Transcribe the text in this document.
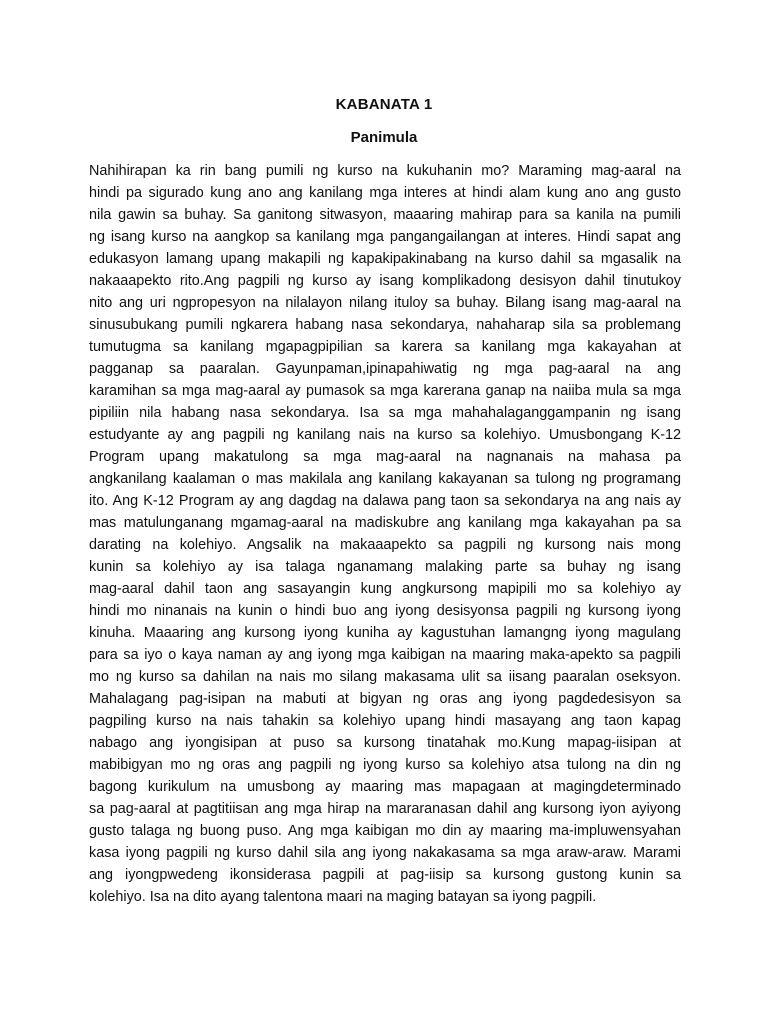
KABANATA 1
Panimula
Nahihirapan ka rin bang pumili ng kurso na kukuhanin mo? Maraming mag-aaral na
hindi pa sigurado kung ano ang kanilang mga interes at hindi alam kung ano ang gusto
nila gawin sa buhay. Sa ganitong sitwasyon, maaaring mahirap para sa kanila na pumili
ng isang kurso na aangkop sa kanilang mga pangangailangan at interes. Hindi sapat ang
edukasyon lamang upang makapili ng kapakipakinabang na kurso dahil sa mgasalik na
nakaaapekto rito.Ang pagpili ng kurso ay isang komplikadong desisyon dahil tinutukoy
nito ang uri ngpropesyon na nilalayon nilang ituloy sa buhay. Bilang isang mag-aaral na
sinusubukang pumili ngkarera habang nasa sekondarya, nahaharap sila sa problemang
tumutugma sa kanilang mgapagpipilian sa karera sa kanilang mga kakayahan at
pagganap sa paaralan. Gayunpaman,ipinapahiwatig ng mga pag-aaral na ang
karamihan sa mga mag-aaral ay pumasok sa mga karerana ganap na naiiba mula sa mga
pipiliin nila habang nasa sekondarya. Isa sa mga mahahalaganggampanin ng isang
estudyante ay ang pagpili ng kanilang nais na kurso sa kolehiyo. Umusbongang K-12
Program upang makatulong sa mga mag-aaral na nagnanais na mahasa pa
angkanilang kaalaman o mas makilala ang kanilang kakayanan sa tulong ng programang
ito. Ang K-12 Program ay ang dagdag na dalawa pang taon sa sekondarya na ang nais ay
mas matulunganang mgamag-aaral na madiskubre ang kanilang mga kakayahan pa sa
darating na kolehiyo. Angsalik na makaaapekto sa pagpili ng kursong nais mong
kunin sa kolehiyo ay isa talaga nganamang malaking parte sa buhay ng isang
mag-aaral dahil taon ang sasayangin kung angkursong mapipili mo sa kolehiyo ay
hindi mo ninanais na kunin o hindi buo ang iyong desisyonsa pagpili ng kursong iyong
kinuha. Maaaring ang kursong iyong kuniha ay kagustuhan lamangng iyong magulang
para sa iyo o kaya naman ay ang iyong mga kaibigan na maaring maka-apekto sa pagpili
mo ng kurso sa dahilan na nais mo silang makasama ulit sa iisang paaralan oseksyon.
Mahalagang pag-isipan na mabuti at bigyan ng oras ang iyong pagdedesisyon sa
pagpiling kurso na nais tahakin sa kolehiyo upang hindi masayang ang taon kapag
nabago ang iyongisipan at puso sa kursong tinatahak mo.Kung mapag-iisipan at
mabibigyan mo ng oras ang pagpili ng iyong kurso sa kolehiyo atsa tulong na din ng
bagong kurikulum na umusbong ay maaring mas mapagaan at magingdeterminado
sa pag-aaral at pagtitiisan ang mga hirap na mararanasan dahil ang kursong iyon ayiyong
gusto talaga ng buong puso. Ang mga kaibigan mo din ay maaring ma-impluwensyahan
kasa iyong pagpili ng kurso dahil sila ang iyong nakakasama sa mga araw-araw. Marami
ang iyongpwedeng ikonsiderasa pagpili at pag-iisip sa kursong gustong kunin sa
kolehiyo. Isa na dito ayang talentona maari na maging batayan sa iyong pagpili.
